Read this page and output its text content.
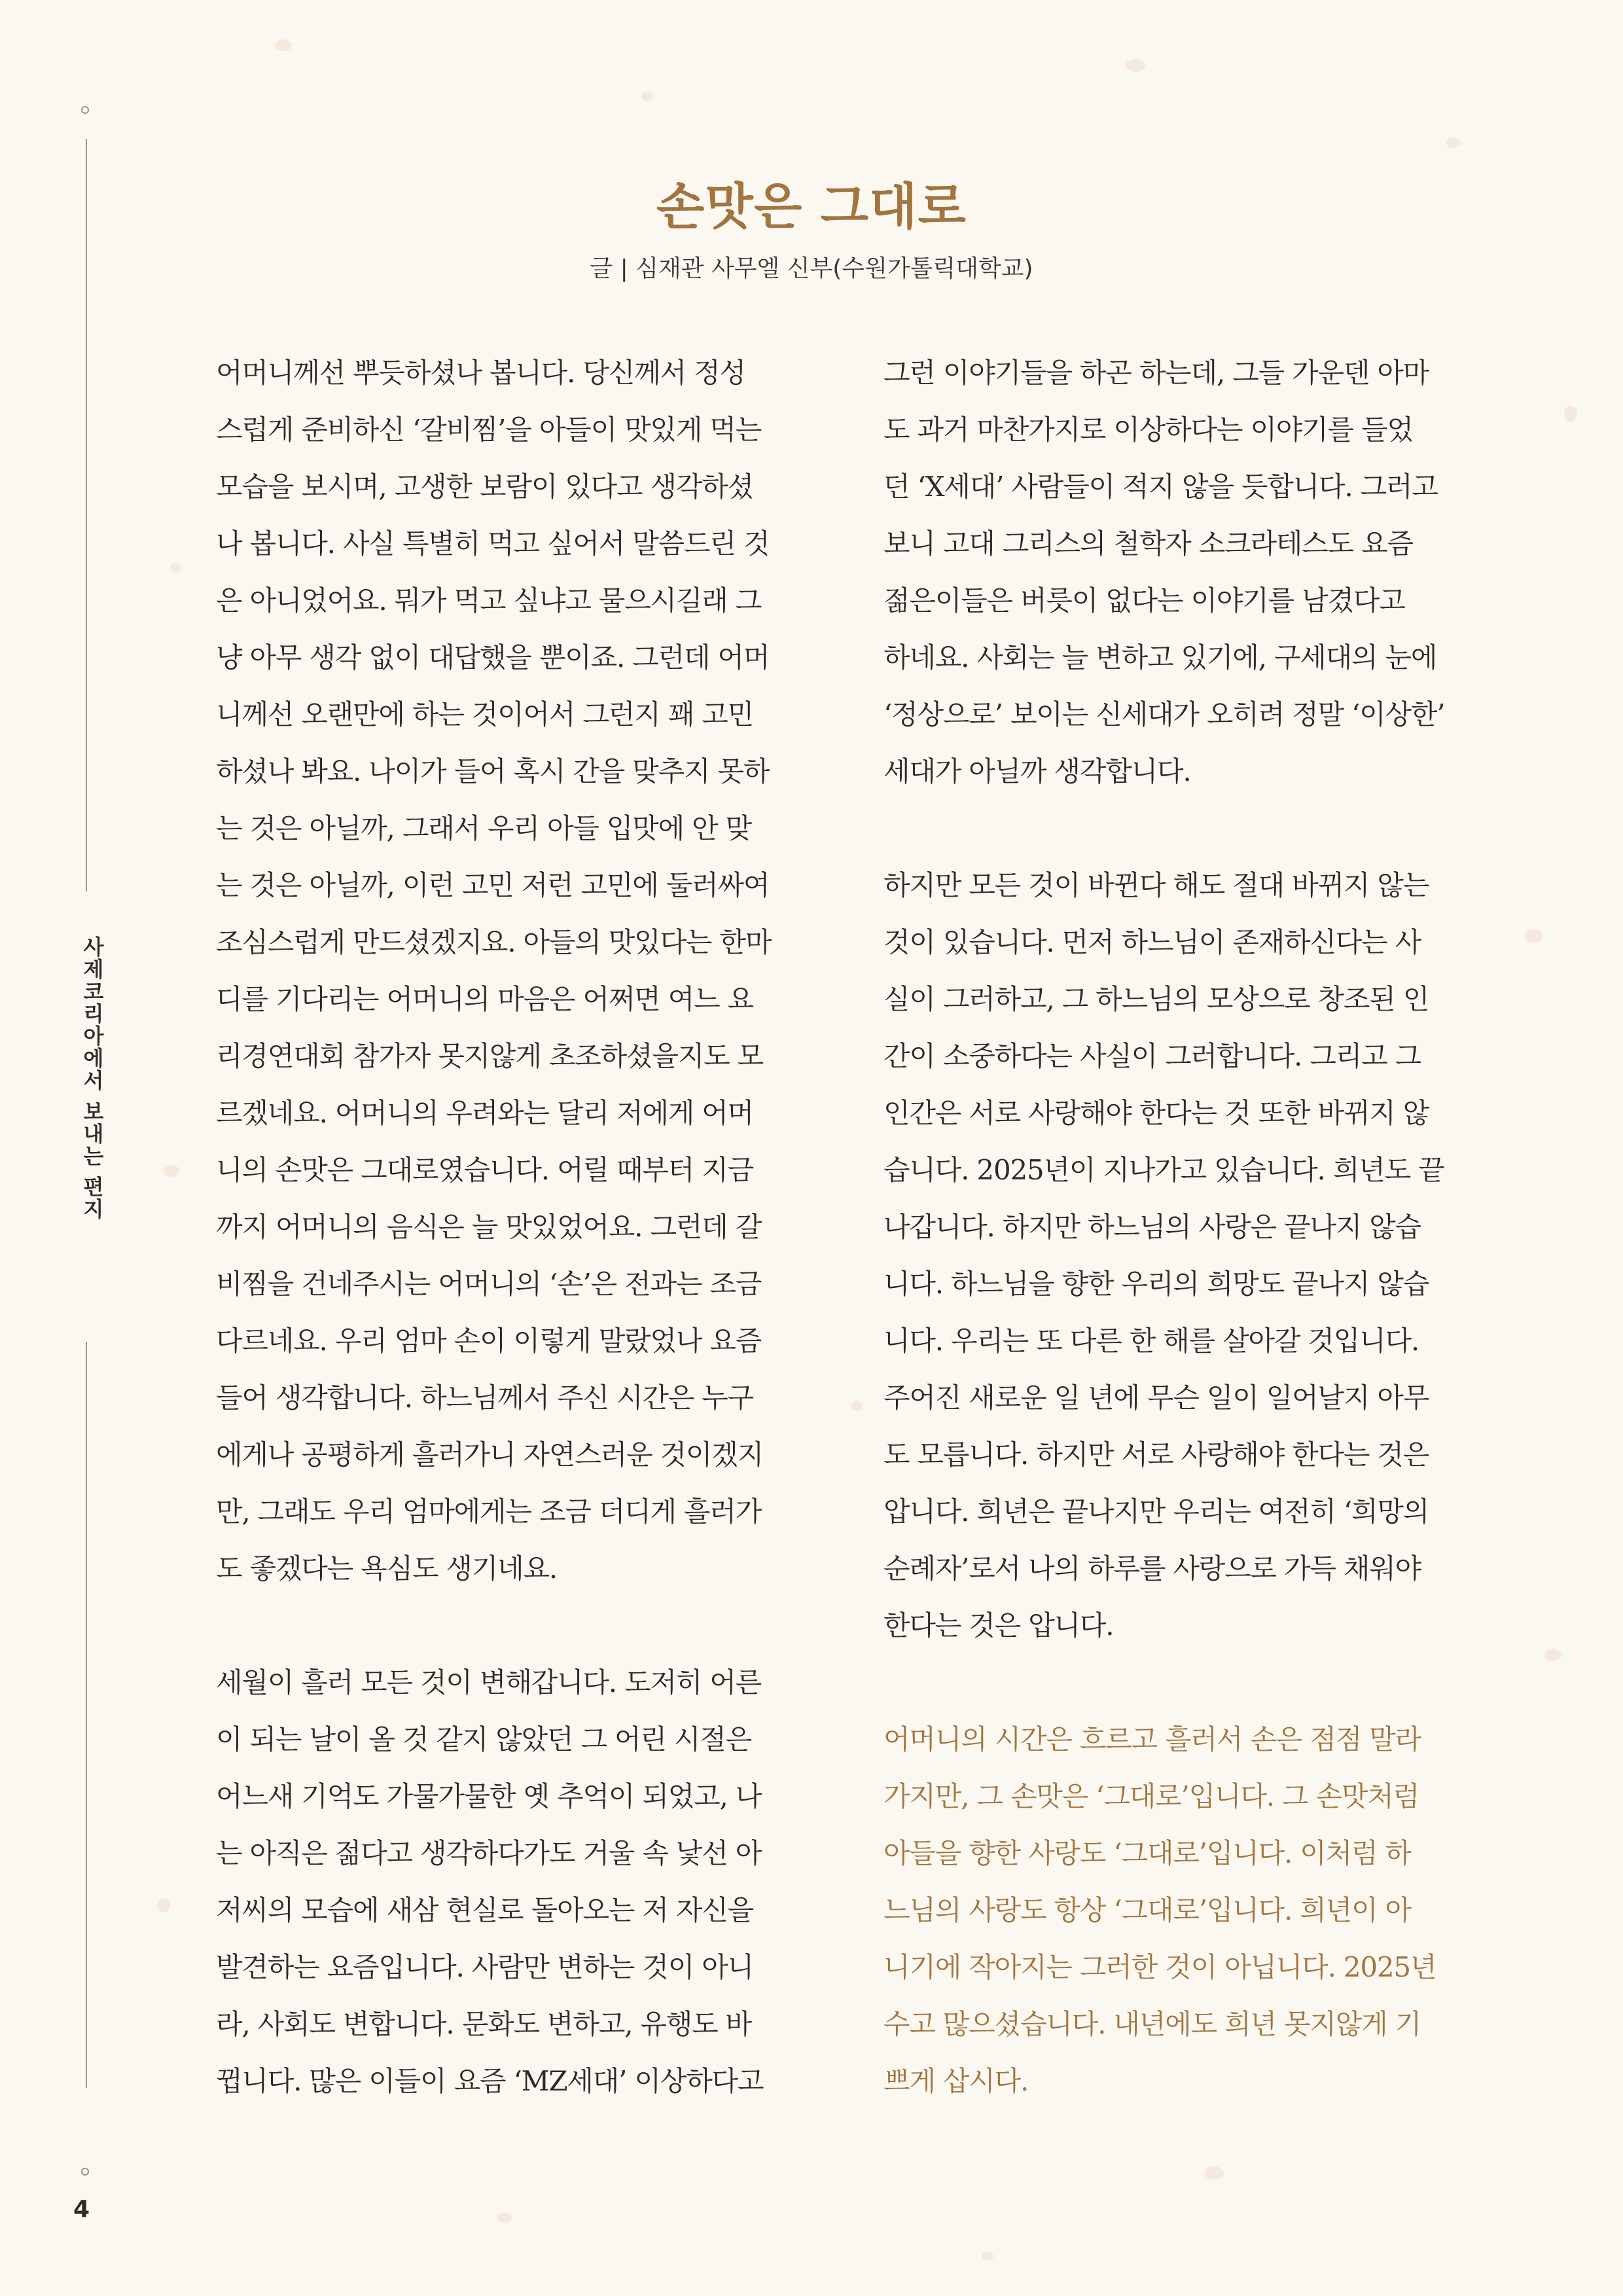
사제코리아에서 보내는 편지
4
손맛은 그대로
글 | 심재관 사무엘 신부(수원가톨릭대학교)
어머니께선 뿌듯하셨나 봅니다. 당신께서 정성
스럽게 준비하신 ‘갈비찜’을 아들이 맛있게 먹는
모습을 보시며, 고생한 보람이 있다고 생각하셨
나 봅니다. 사실 특별히 먹고 싶어서 말씀드린 것
은 아니었어요. 뭐가 먹고 싶냐고 물으시길래 그
냥 아무 생각 없이 대답했을 뿐이죠. 그런데 어머
니께선 오랜만에 하는 것이어서 그런지 꽤 고민
하셨나 봐요. 나이가 들어 혹시 간을 맞추지 못하
는 것은 아닐까, 그래서 우리 아들 입맛에 안 맞
는 것은 아닐까, 이런 고민 저런 고민에 둘러싸여
조심스럽게 만드셨겠지요. 아들의 맛있다는 한마
디를 기다리는 어머니의 마음은 어쩌면 여느 요
리경연대회 참가자 못지않게 초조하셨을지도 모
르겠네요. 어머니의 우려와는 달리 저에게 어머
니의 손맛은 그대로였습니다. 어릴 때부터 지금
까지 어머니의 음식은 늘 맛있었어요. 그런데 갈
비찜을 건네주시는 어머니의 ‘손’은 전과는 조금
다르네요. 우리 엄마 손이 이렇게 말랐었나 요즘
들어 생각합니다. 하느님께서 주신 시간은 누구
에게나 공평하게 흘러가니 자연스러운 것이겠지
만, 그래도 우리 엄마에게는 조금 더디게 흘러가
도 좋겠다는 욕심도 생기네요.
세월이 흘러 모든 것이 변해갑니다. 도저히 어른
이 되는 날이 올 것 같지 않았던 그 어린 시절은
어느새 기억도 가물가물한 옛 추억이 되었고, 나
는 아직은 젊다고 생각하다가도 거울 속 낯선 아
저씨의 모습에 새삼 현실로 돌아오는 저 자신을
발견하는 요즘입니다. 사람만 변하는 것이 아니
라, 사회도 변합니다. 문화도 변하고, 유행도 바
뀝니다. 많은 이들이 요즘 ‘MZ세대’ 이상하다고
그런 이야기들을 하곤 하는데, 그들 가운덴 아마
도 과거 마찬가지로 이상하다는 이야기를 들었
던 ‘X세대’ 사람들이 적지 않을 듯합니다. 그러고
보니 고대 그리스의 철학자 소크라테스도 요즘
젊은이들은 버릇이 없다는 이야기를 남겼다고
하네요. 사회는 늘 변하고 있기에, 구세대의 눈에
‘정상으로’ 보이는 신세대가 오히려 정말 ‘이상한’
세대가 아닐까 생각합니다.
하지만 모든 것이 바뀐다 해도 절대 바뀌지 않는
것이 있습니다. 먼저 하느님이 존재하신다는 사
실이 그러하고, 그 하느님의 모상으로 창조된 인
간이 소중하다는 사실이 그러합니다. 그리고 그
인간은 서로 사랑해야 한다는 것 또한 바뀌지 않
습니다. 2025년이 지나가고 있습니다. 희년도 끝
나갑니다. 하지만 하느님의 사랑은 끝나지 않습
니다. 하느님을 향한 우리의 희망도 끝나지 않습
니다. 우리는 또 다른 한 해를 살아갈 것입니다.
주어진 새로운 일 년에 무슨 일이 일어날지 아무
도 모릅니다. 하지만 서로 사랑해야 한다는 것은
압니다. 희년은 끝나지만 우리는 여전히 ‘희망의
순례자’로서 나의 하루를 사랑으로 가득 채워야
한다는 것은 압니다.
어머니의 시간은 흐르고 흘러서 손은 점점 말라
가지만, 그 손맛은 ‘그대로’입니다. 그 손맛처럼
아들을 향한 사랑도 ‘그대로’입니다. 이처럼 하
느님의 사랑도 항상 ‘그대로’입니다. 희년이 아
니기에 작아지는 그러한 것이 아닙니다. 2025년
수고 많으셨습니다. 내년에도 희년 못지않게 기
쁘게 삽시다.
